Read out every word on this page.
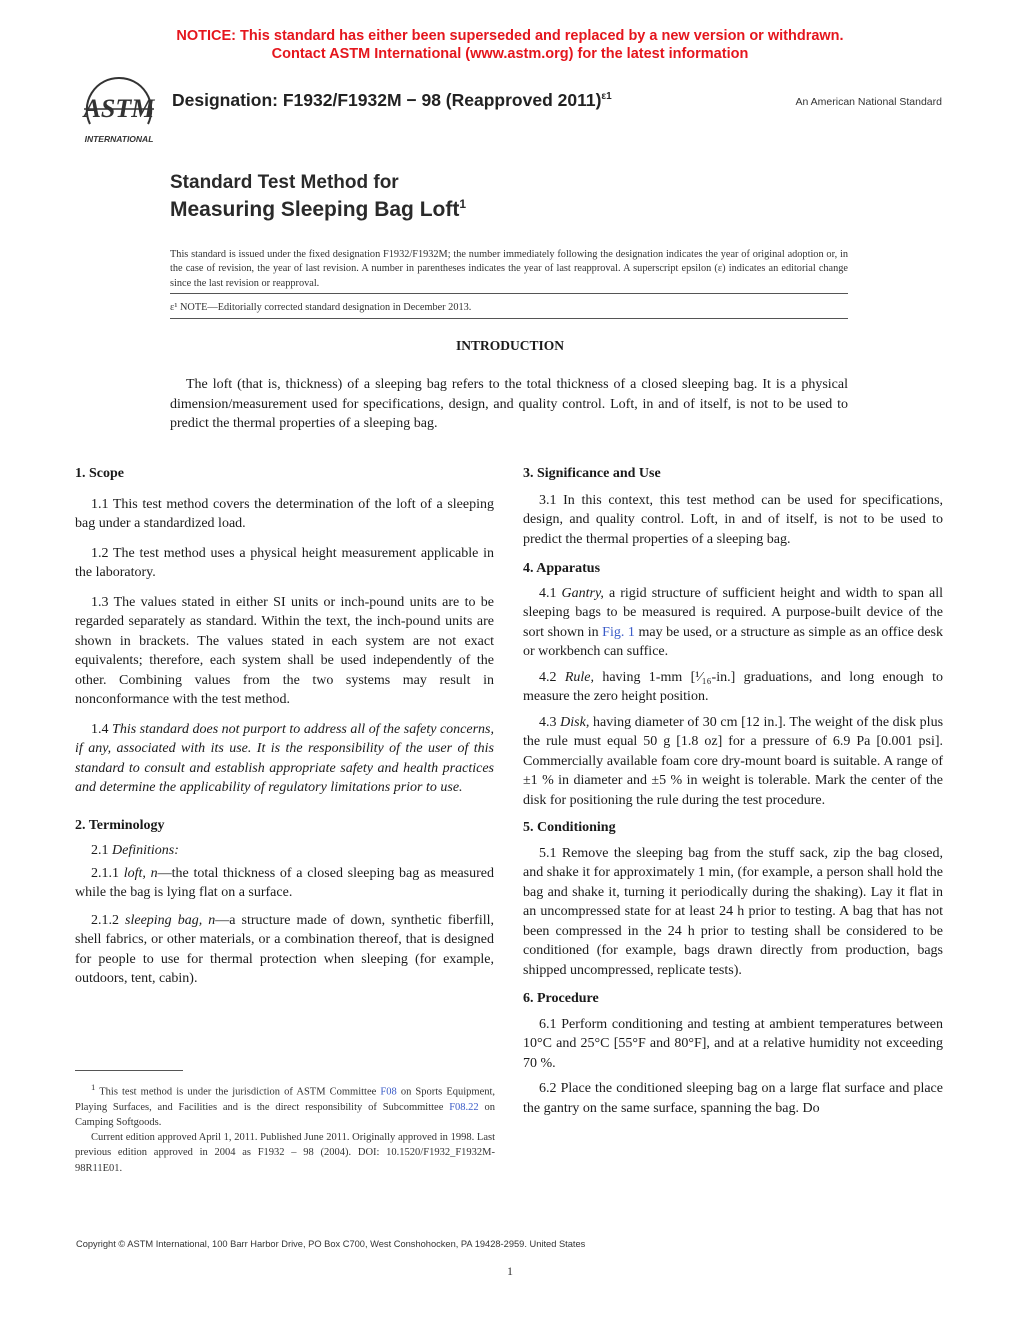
NOTICE: This standard has either been superseded and replaced by a new version or withdrawn.
Contact ASTM International (www.astm.org) for the latest information
ASTM
INTERNATIONAL
Designation: F1932/F1932M − 98 (Reapproved 2011)$^{\varepsilon 1}$	An American National Standard
Standard Test Method for
Measuring Sleeping Bag Loft$^1$
This standard is issued under the fixed designation F1932/F1932M; the number immediately following the designation indicates the year of original adoption or, in the case of revision, the year of last revision. A number in parentheses indicates the year of last reapproval. A superscript epsilon (ε) indicates an editorial change since the last revision or reapproval.
ε¹ NOTE—Editorially corrected standard designation in December 2013.
INTRODUCTION
The loft (that is, thickness) of a sleeping bag refers to the total thickness of a closed sleeping bag. It is a physical dimension/measurement used for specifications, design, and quality control. Loft, in and of itself, is not to be used to predict the thermal properties of a sleeping bag.
1. Scope

1.1 This test method covers the determination of the loft of a sleeping bag under a standardized load.

1.2 The test method uses a physical height measurement applicable in the laboratory.

1.3 The values stated in either SI units or inch-pound units are to be regarded separately as standard. Within the text, the inch-pound units are shown in brackets. The values stated in each system are not exact equivalents; therefore, each system shall be used independently of the other. Combining values from the two systems may result in nonconformance with the test method.

1.4 This standard does not purport to address all of the safety concerns, if any, associated with its use. It is the responsibility of the user of this standard to consult and establish appropriate safety and health practices and determine the applicability of regulatory limitations prior to use.

2. Terminology

2.1 Definitions:

2.1.1 loft, n—the total thickness of a closed sleeping bag as measured while the bag is lying flat on a surface.

2.1.2 sleeping bag, n—a structure made of down, synthetic fiberfill, shell fabrics, or other materials, or a combination thereof, that is designed for people to use for thermal protection when sleeping (for example, outdoors, tent, cabin).

3. Significance and Use

3.1 In this context, this test method can be used for specifications, design, and quality control. Loft, in and of itself, is not to be used to predict the thermal properties of a sleeping bag.

4. Apparatus

4.1 Gantry, a rigid structure of sufficient height and width to span all sleeping bags to be measured is required. A purpose-built device of the sort shown in Fig. 1 may be used, or a structure as simple as an office desk or workbench can suffice.

4.2 Rule, having 1-mm [¹⁄₁₆-in.] graduations, and long enough to measure the zero height position.

4.3 Disk, having diameter of 30 cm [12 in.]. The weight of the disk plus the rule must equal 50 g [1.8 oz] for a pressure of 6.9 Pa [0.001 psi]. Commercially available foam core dry-mount board is suitable. A range of ±1 % in diameter and ±5 % in weight is tolerable. Mark the center of the disk for positioning the rule during the test procedure.

5. Conditioning

5.1 Remove the sleeping bag from the stuff sack, zip the bag closed, and shake it for approximately 1 min, (for example, a person shall hold the bag and shake it, turning it periodically during the shaking). Lay it flat in an uncompressed state for at least 24 h prior to testing. A bag that has not been compressed in the 24 h prior to testing shall be considered to be conditioned (for example, bags drawn directly from production, bags shipped uncompressed, replicate tests).

6. Procedure

6.1 Perform conditioning and testing at ambient temperatures between 10°C and 25°C [55°F and 80°F], and at a relative humidity not exceeding 70 %.

6.2 Place the conditioned sleeping bag on a large flat surface and place the gantry on the same surface, spanning the bag. Do

$^1$ This test method is under the jurisdiction of ASTM Committee F08 on Sports Equipment, Playing Surfaces, and Facilities and is the direct responsibility of Subcommittee F08.22 on Camping Softgoods.

Current edition approved April 1, 2011. Published June 2011. Originally approved in 1998. Last previous edition approved in 2004 as F1932 – 98 (2004). DOI: 10.1520/F1932_F1932M-98R11E01.

Copyright © ASTM International, 100 Barr Harbor Drive, PO Box C700, West Conshohocken, PA 19428-2959. United States
1
